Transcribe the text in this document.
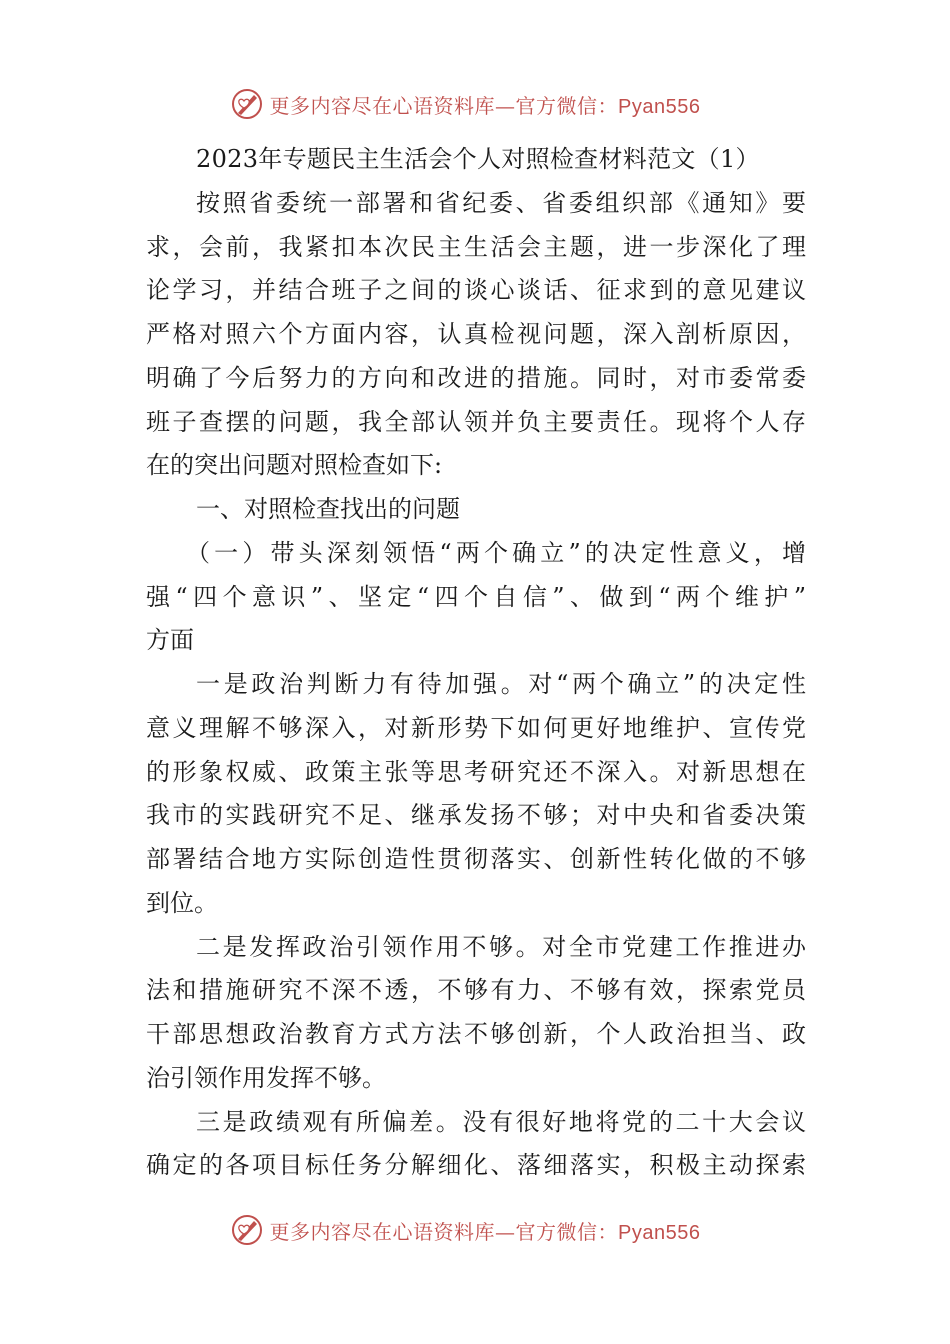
更多内容尽在心语资料库—官方微信：Pyan556
2023年专题民主生活会个人对照检查材料范文（1）
按照省委统一部署和省纪委、省委组织部《通知》要
求，会前，我紧扣本次民主生活会主题，进一步深化了理
论学习，并结合班子之间的谈心谈话、征求到的意见建议
严格对照六个方面内容，认真检视问题，深入剖析原因，
明确了今后努力的方向和改进的措施。同时，对市委常委
班子查摆的问题，我全部认领并负主要责任。现将个人存
在的突出问题对照检查如下:
一、对照检查找出的问题
（一）带头深刻领悟“两个确立”的决定性意义，增
强“四个意识”、坚定“四个自信”、做到“两个维护”
方面
一是政治判断力有待加强。对“两个确立”的决定性
意义理解不够深入，对新形势下如何更好地维护、宣传党
的形象权威、政策主张等思考研究还不深入。对新思想在
我市的实践研究不足、继承发扬不够；对中央和省委决策
部署结合地方实际创造性贯彻落实、创新性转化做的不够
到位。
二是发挥政治引领作用不够。对全市党建工作推进办
法和措施研究不深不透，不够有力、不够有效，探索党员
干部思想政治教育方式方法不够创新，个人政治担当、政
治引领作用发挥不够。
三是政绩观有所偏差。没有很好地将党的二十大会议
确定的各项目标任务分解细化、落细落实，积极主动探索
更多内容尽在心语资料库—官方微信：Pyan556
